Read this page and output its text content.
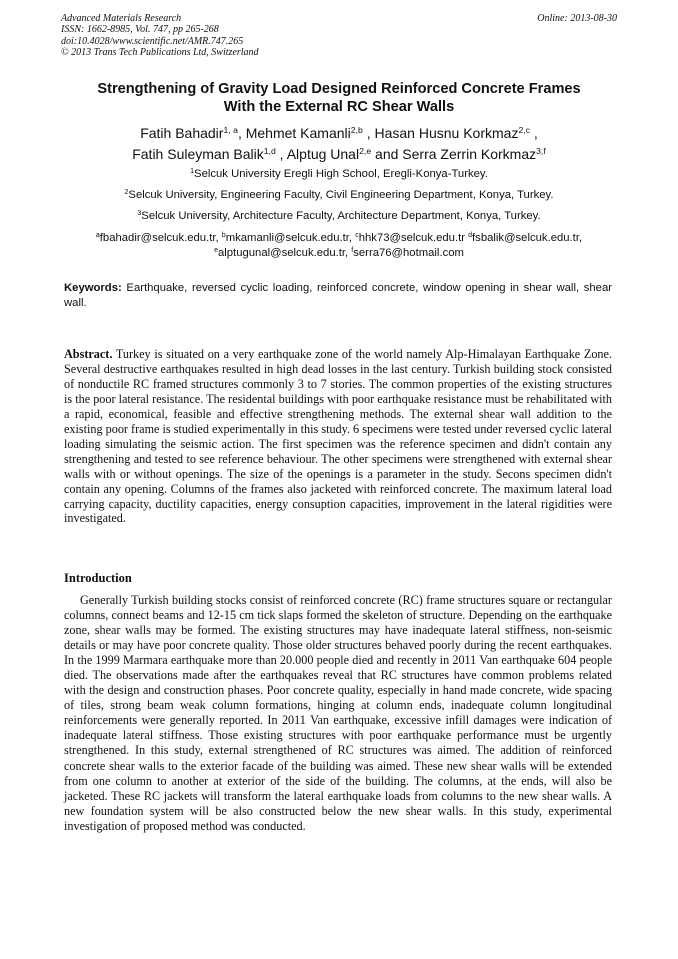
Advanced Materials Research
ISSN: 1662-8985, Vol. 747, pp 265-268
doi:10.4028/www.scientific.net/AMR.747.265
© 2013 Trans Tech Publications Ltd, Switzerland
Online: 2013-08-30
Strengthening of Gravity Load Designed Reinforced Concrete Frames
With the External RC Shear Walls
Fatih Bahadir$^{1, a}$, Mehmet Kamanli$^{2,b}$ , Hasan Husnu Korkmaz$^{2,c}$ ,
Fatih Suleyman Balik$^{1,d}$ , Alptug Unal$^{2,e}$ and Serra Zerrin Korkmaz$^{3,f}$
$^1$Selcuk University Eregli High School, Eregli-Konya-Turkey.
$^2$Selcuk University, Engineering Faculty, Civil Engineering Department, Konya, Turkey.
$^3$Selcuk University, Architecture Faculty, Architecture Department, Konya, Turkey.
$^a$fbahadir@selcuk.edu.tr, $^b$mkamanli@selcuk.edu.tr, $^c$hhk73@selcuk.edu.tr $^d$fsbalik@selcuk.edu.tr,
$^e$alptugunal@selcuk.edu.tr, $^f$serra76@hotmail.com
Keywords: Earthquake, reversed cyclic loading, reinforced concrete, window opening in shear wall, shear wall.
Abstract. Turkey is situated on a very earthquake zone of the world namely Alp-Himalayan Earthquake Zone. Several destructive earthquakes resulted in high dead losses in the last century. Turkish building stock consisted of nonductile RC framed structures commonly 3 to 7 stories. The common properties of the existing structures is the poor lateral resistance. The residental buildings with poor earthquake resistance must be rehabilitated with a rapid, economical, feasible and effective strengthening methods. The external shear wall addition to the existing poor frame is studied experimentally in this study. 6 specimens were tested under reversed cyclic lateral loading simulating the seismic action. The first specimen was the reference specimen and didn't contain any strengthening and tested to see reference behaviour. The other specimens were strengthened with external shear walls with or without openings. The size of the openings is a parameter in the study. Secons specimen didn't contain any opening. Columns of the frames also jacketed with reinforced concrete. The maximum lateral load carrying capacity, ductility capacities, energy consuption capacities, improvement in the lateral rigidities were investigated.
Introduction
Generally Turkish building stocks consist of reinforced concrete (RC) frame structures square or rectangular columns, connect beams and 12-15 cm tick slaps formed the skeleton of structure. Depending on the earthquake zone, shear walls may be formed. The existing structures may have inadequate lateral stiffness, non-seismic details or may have poor concrete quality. Those older structures behaved poorly during the recent earthquakes. In the 1999 Marmara earthquake more than 20.000 people died and recently in 2011 Van earthquake 604 people died. The observations made after the earthquakes reveal that RC structures have common problems related with the design and construction phases. Poor concrete quality, especially in hand made concrete, wide spacing of tiles, strong beam weak column formations, hinging at column ends, inadequate column longitudinal reinforcements were generally reported. In 2011 Van earthquake, excessive infill damages were indication of inadequate lateral stiffness. Those existing structures with poor earthquake performance must be urgently strengthened. In this study, external strengthened of RC structures was aimed. The addition of reinforced concrete shear walls to the exterior facade of the building was aimed. These new shear walls will be extended from one column to another at exterior of the side of the building. The columns, at the ends, will also be jacketed. These RC jackets will transform the lateral earthquake loads from columns to the new shear walls. A new foundation system will be also constructed below the new shear walls. In this study, experimental investigation of proposed method was conducted.
